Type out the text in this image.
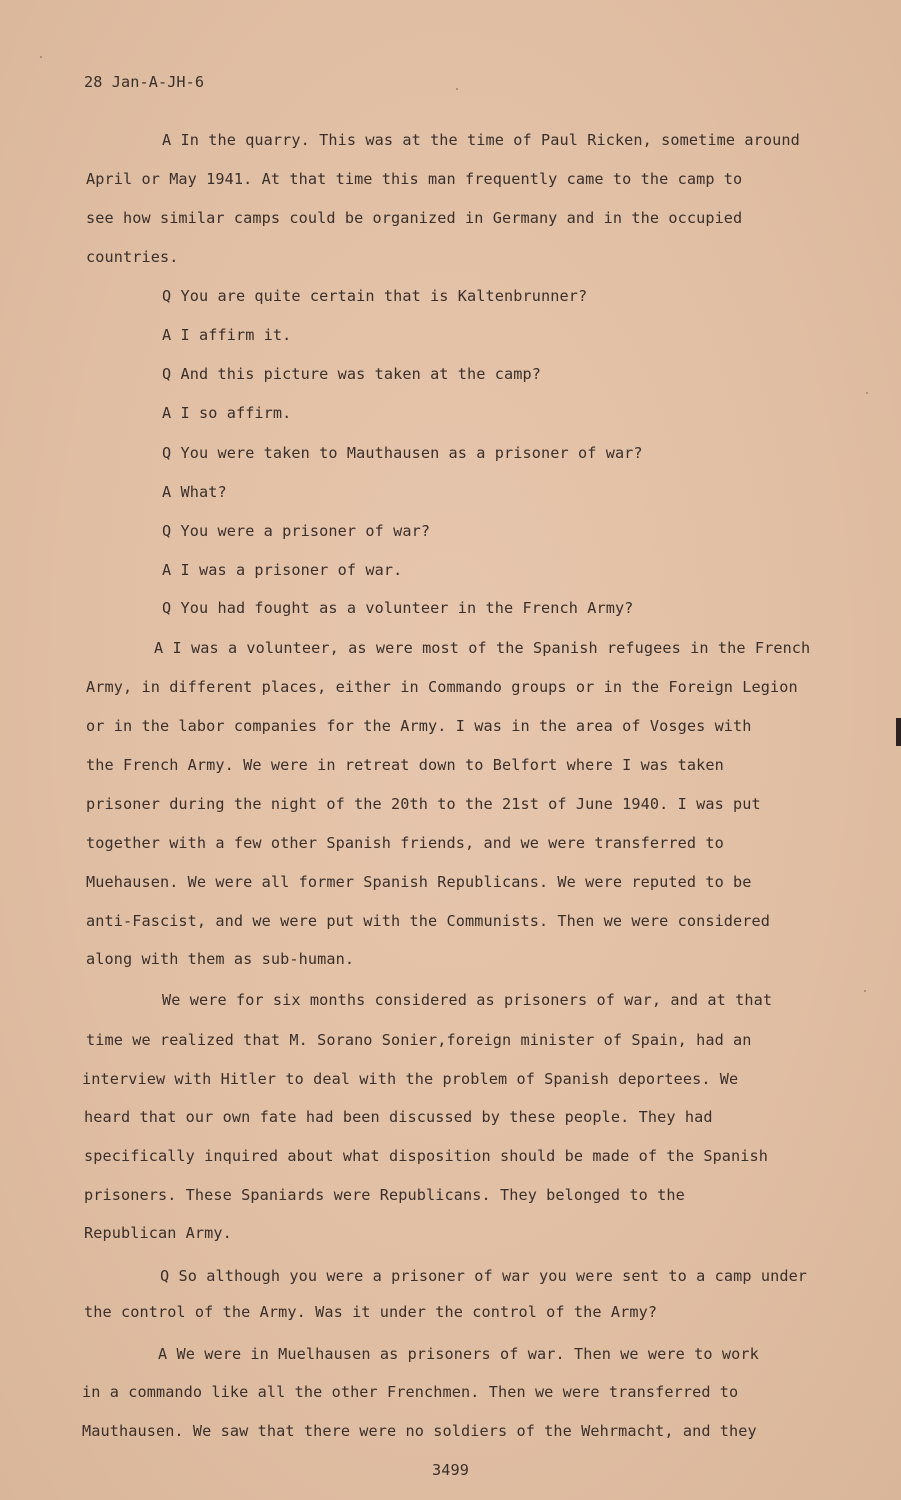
28 Jan-A-JH-6
A In the quarry. This was at the time of Paul Ricken, sometime around
April or May 1941. At that time this man frequently came to the camp to
see how similar camps could be organized in Germany and in the occupied
countries.
Q You are quite certain that is Kaltenbrunner?
A I affirm it.
Q And this picture was taken at the camp?
A I so affirm.
Q You were taken to Mauthausen as a prisoner of war?
A What?
Q You were a prisoner of war?
A I was a prisoner of war.
Q You had fought as a volunteer in the French Army?
A I was a volunteer, as were most of the Spanish refugees in the French
Army, in different places, either in Commando groups or in the Foreign Legion
or in the labor companies for the Army. I was in the area of Vosges with
the French Army. We were in retreat down to Belfort where I was taken
prisoner during the night of the 20th to the 21st of June 1940. I was put
together with a few other Spanish friends, and we were transferred to
Muehausen. We were all former Spanish Republicans. We were reputed to be
anti-Fascist, and we were put with the Communists. Then we were considered
along with them as sub-human.
We were for six months considered as prisoners of war, and at that
time we realized that M. Sorano Sonier,foreign minister of Spain, had an
interview with Hitler to deal with the problem of Spanish deportees. We
heard that our own fate had been discussed by these people. They had
specifically inquired about what disposition should be made of the Spanish
prisoners. These Spaniards were Republicans. They belonged to the
Republican Army.
Q So although you were a prisoner of war you were sent to a camp under
the control of the Army. Was it under the control of the Army?
A We were in Muelhausen as prisoners of war. Then we were to work
in a commando like all the other Frenchmen. Then we were transferred to
Mauthausen. We saw that there were no soldiers of the Wehrmacht, and they
3499
